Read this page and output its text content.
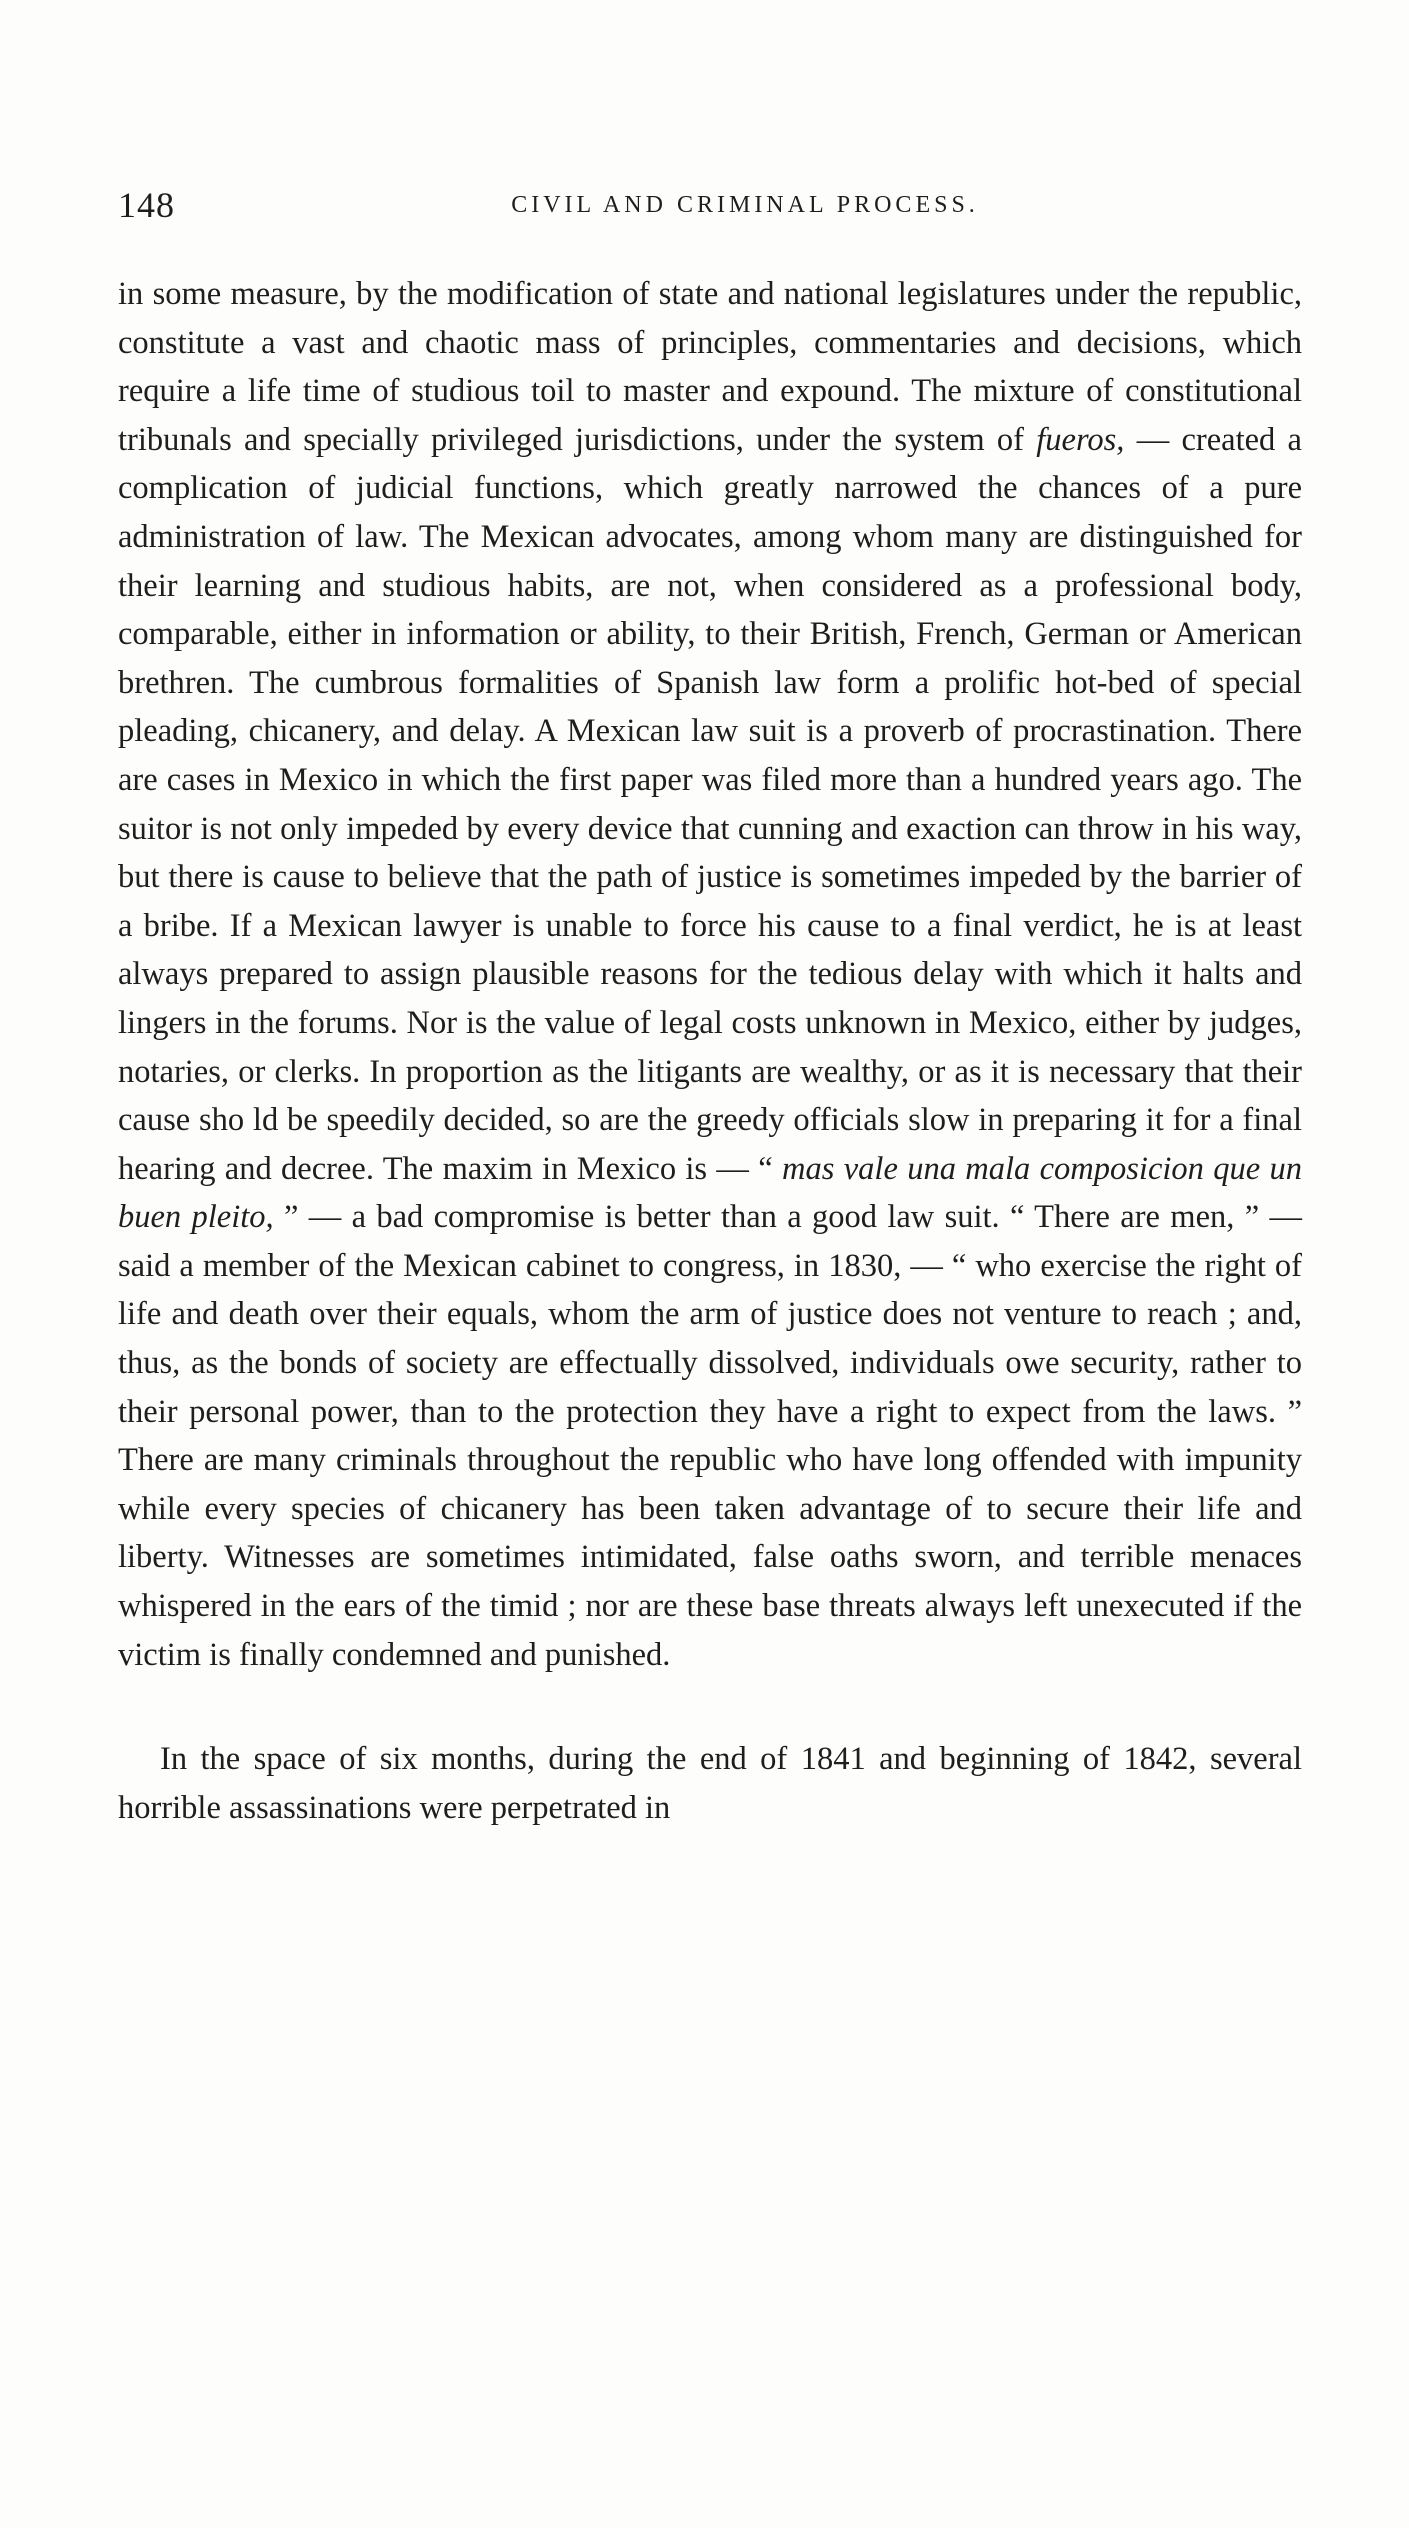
148	CIVIL AND CRIMINAL PROCESS.

in some measure, by the modification of state and national legislatures under the republic, constitute a vast and chaotic mass of principles, commentaries and decisions, which require a life time of studious toil to master and expound. The mixture of constitutional tribunals and specially privileged jurisdictions, under the system of fueros, — created a complication of judicial functions, which greatly narrowed the chances of a pure administration of law. The Mexican advocates, among whom many are distinguished for their learning and studious habits, are not, when considered as a professional body, comparable, either in information or ability, to their British, French, German or American brethren. The cumbrous formalities of Spanish law form a prolific hot-bed of special pleading, chicanery, and delay. A Mexican law suit is a proverb of procrastination. There are cases in Mexico in which the first paper was filed more than a hundred years ago. The suitor is not only impeded by every device that cunning and exaction can throw in his way, but there is cause to believe that the path of justice is sometimes impeded by the barrier of a bribe. If a Mexican lawyer is unable to force his cause to a final verdict, he is at least always prepared to assign plausible reasons for the tedious delay with which it halts and lingers in the forums. Nor is the value of legal costs unknown in Mexico, either by judges, notaries, or clerks. In proportion as the litigants are wealthy, or as it is necessary that their cause sho ld be speedily decided, so are the greedy officials slow in preparing it for a final hearing and decree. The maxim in Mexico is — “ mas vale una mala composicion que un buen pleito, ” — a bad compromise is better than a good law suit. “ There are men, ” — said a member of the Mexican cabinet to congress, in 1830, — “ who exercise the right of life and death over their equals, whom the arm of justice does not venture to reach ; and, thus, as the bonds of society are effectually dissolved, individuals owe security, rather to their personal power, than to the protection they have a right to expect from the laws. ” There are many criminals throughout the republic who have long offended with impunity while every species of chicanery has been taken advantage of to secure their life and liberty. Witnesses are sometimes intimidated, false oaths sworn, and terrible menaces whispered in the ears of the timid ; nor are these base threats always left unexecuted if the victim is finally condemned and punished.

In the space of six months, during the end of 1841 and beginning of 1842, several horrible assassinations were perpetrated in
